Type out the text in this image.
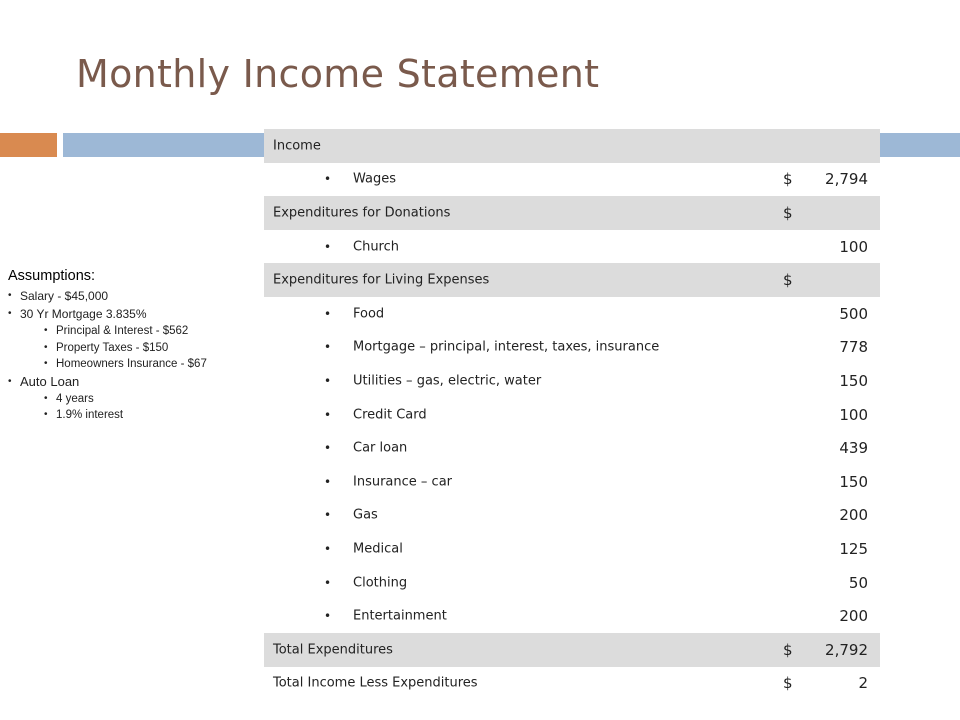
Monthly Income Statement
Assumptions:
• Salary - $45,000
• 30 Yr Mortgage 3.835%
• Principal & Interest - $562
• Property Taxes - $150
• Homeowners Insurance - $67
• Auto Loan
• 4 years
• 1.9% interest
Income
• Wages	$ 2,794
Expenditures for Donations	$
• Church	100
Expenditures for Living Expenses	$
• Food	500
• Mortgage – principal, interest, taxes, insurance	778
• Utilities – gas, electric, water	150
• Credit Card	100
• Car loan	439
• Insurance – car	150
• Gas	200
• Medical	125
• Clothing	50
• Entertainment	200
Total Expenditures	$ 2,792
Total Income Less Expenditures	$	2
